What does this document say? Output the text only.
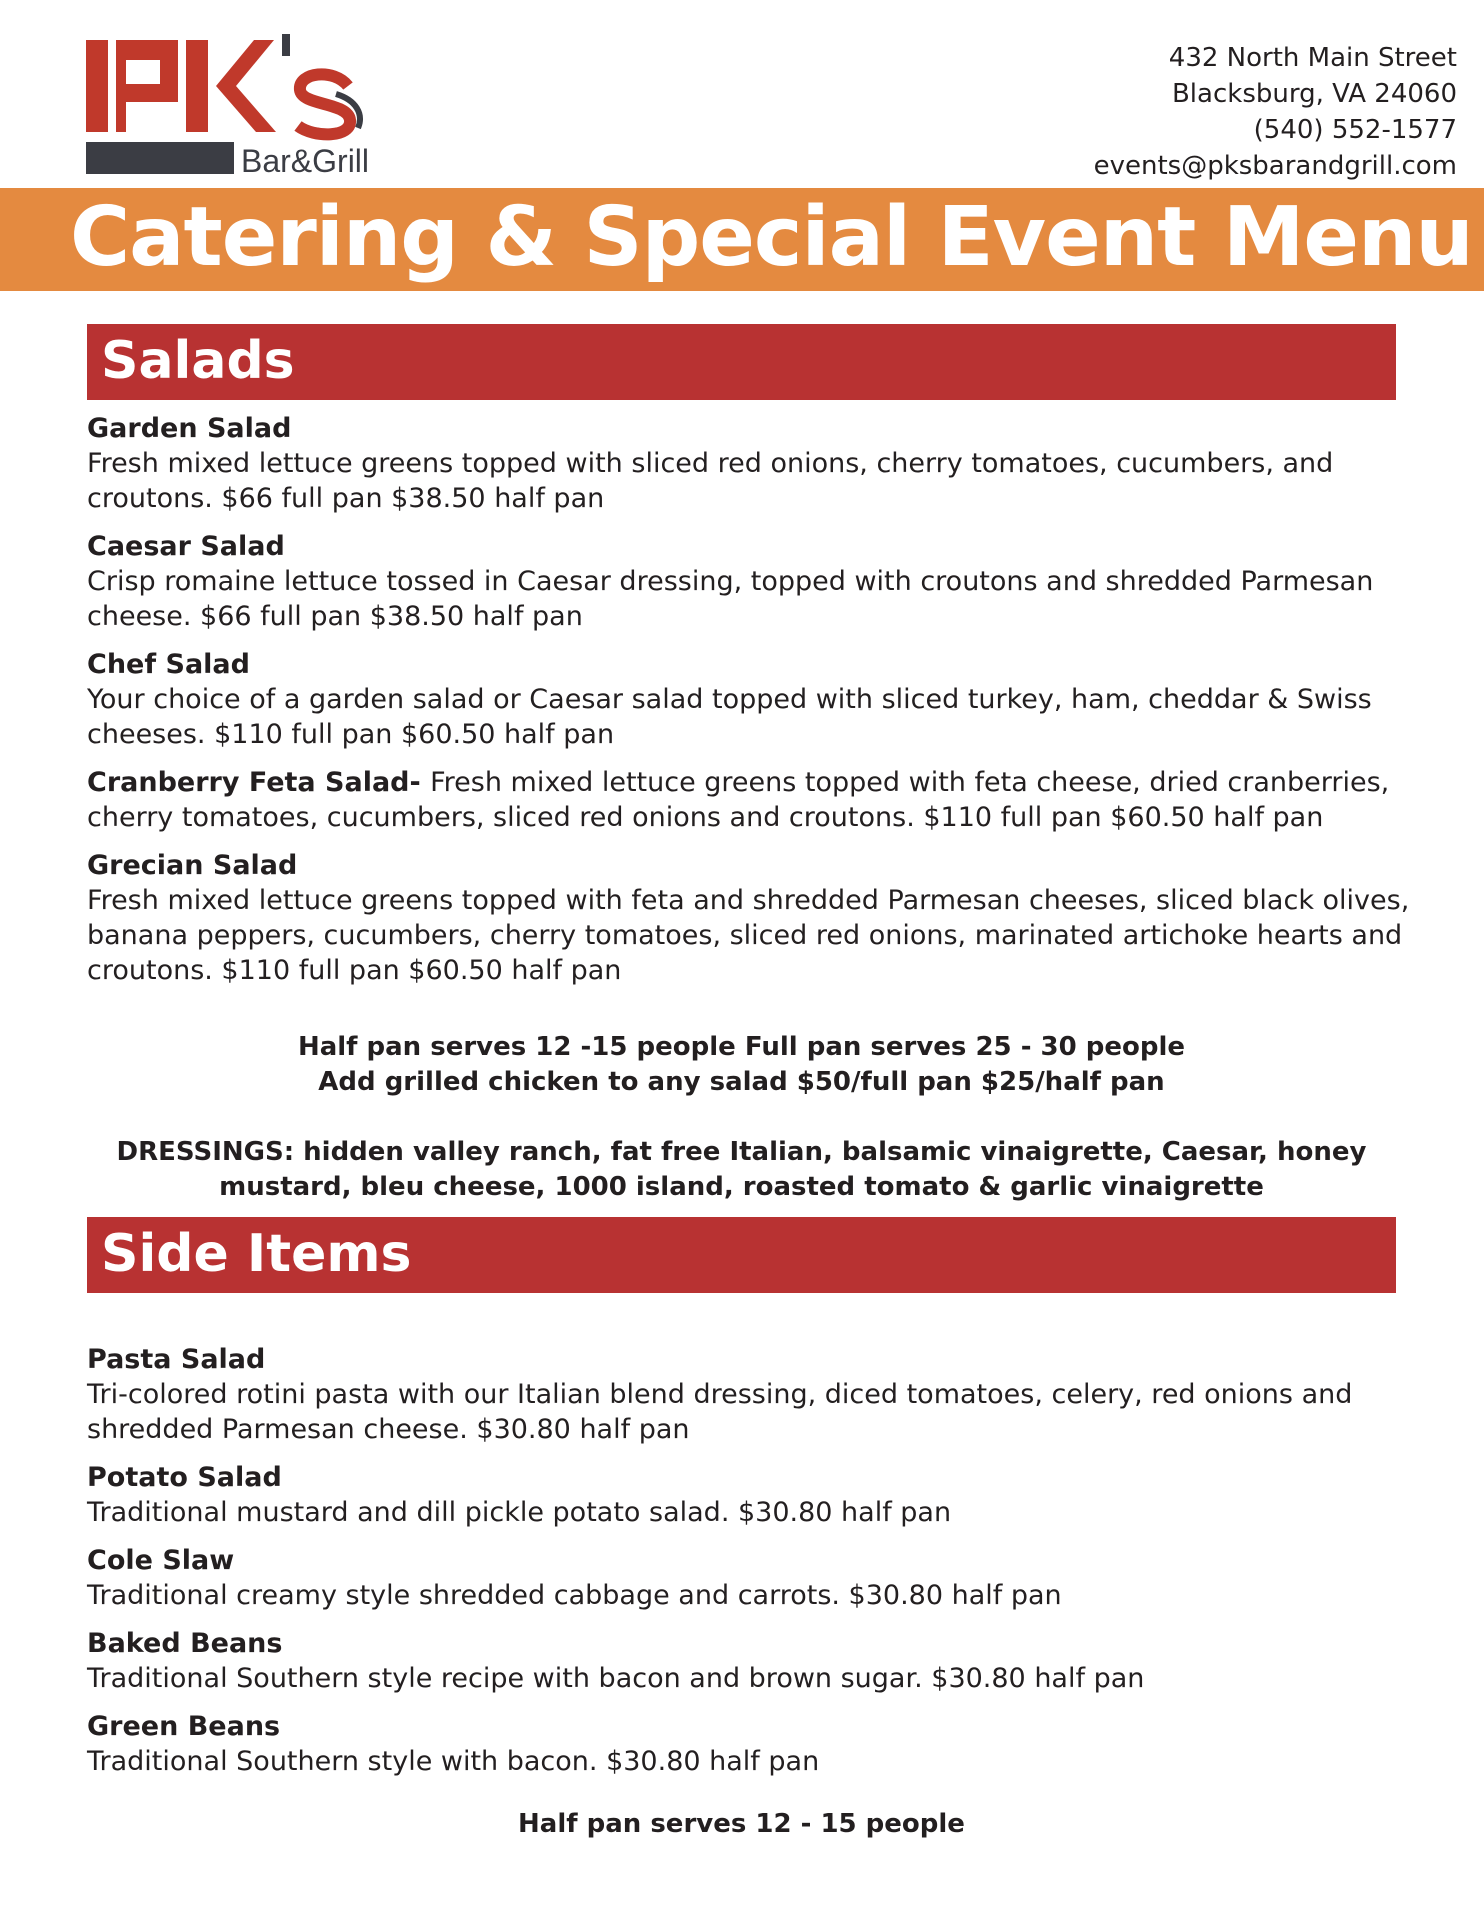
Bar&Grill
432 North Main Street
Blacksburg, VA 24060
(540) 552-1577
events@pksbarandgrill.com
Catering & Special Event Menu
Salads
Garden Salad
Fresh mixed lettuce greens topped with sliced red onions, cherry tomatoes, cucumbers, and croutons. $66 full pan $38.50 half pan
Caesar Salad
Crisp romaine lettuce tossed in Caesar dressing, topped with croutons and shredded Parmesan cheese. $66 full pan $38.50 half pan
Chef Salad
Your choice of a garden salad or Caesar salad topped with sliced turkey, ham, cheddar & Swiss cheeses. $110 full pan $60.50 half pan
Cranberry Feta Salad- Fresh mixed lettuce greens topped with feta cheese, dried cranberries, cherry tomatoes, cucumbers, sliced red onions and croutons. $110 full pan $60.50 half pan
Grecian Salad
Fresh mixed lettuce greens topped with feta and shredded Parmesan cheeses, sliced black olives, banana peppers, cucumbers, cherry tomatoes, sliced red onions, marinated artichoke hearts and croutons. $110 full pan $60.50 half pan
Half pan serves 12 -15 people Full pan serves 25 - 30 people
Add grilled chicken to any salad $50/full pan $25/half pan
DRESSINGS: hidden valley ranch, fat free Italian, balsamic vinaigrette, Caesar, honey mustard, bleu cheese, 1000 island, roasted tomato & garlic vinaigrette
Side Items
Pasta Salad
Tri-colored rotini pasta with our Italian blend dressing, diced tomatoes, celery, red onions and shredded Parmesan cheese. $30.80 half pan
Potato Salad
Traditional mustard and dill pickle potato salad. $30.80 half pan
Cole Slaw
Traditional creamy style shredded cabbage and carrots. $30.80 half pan
Baked Beans
Traditional Southern style recipe with bacon and brown sugar. $30.80 half pan
Green Beans
Traditional Southern style with bacon. $30.80 half pan
Half pan serves 12 - 15 people
